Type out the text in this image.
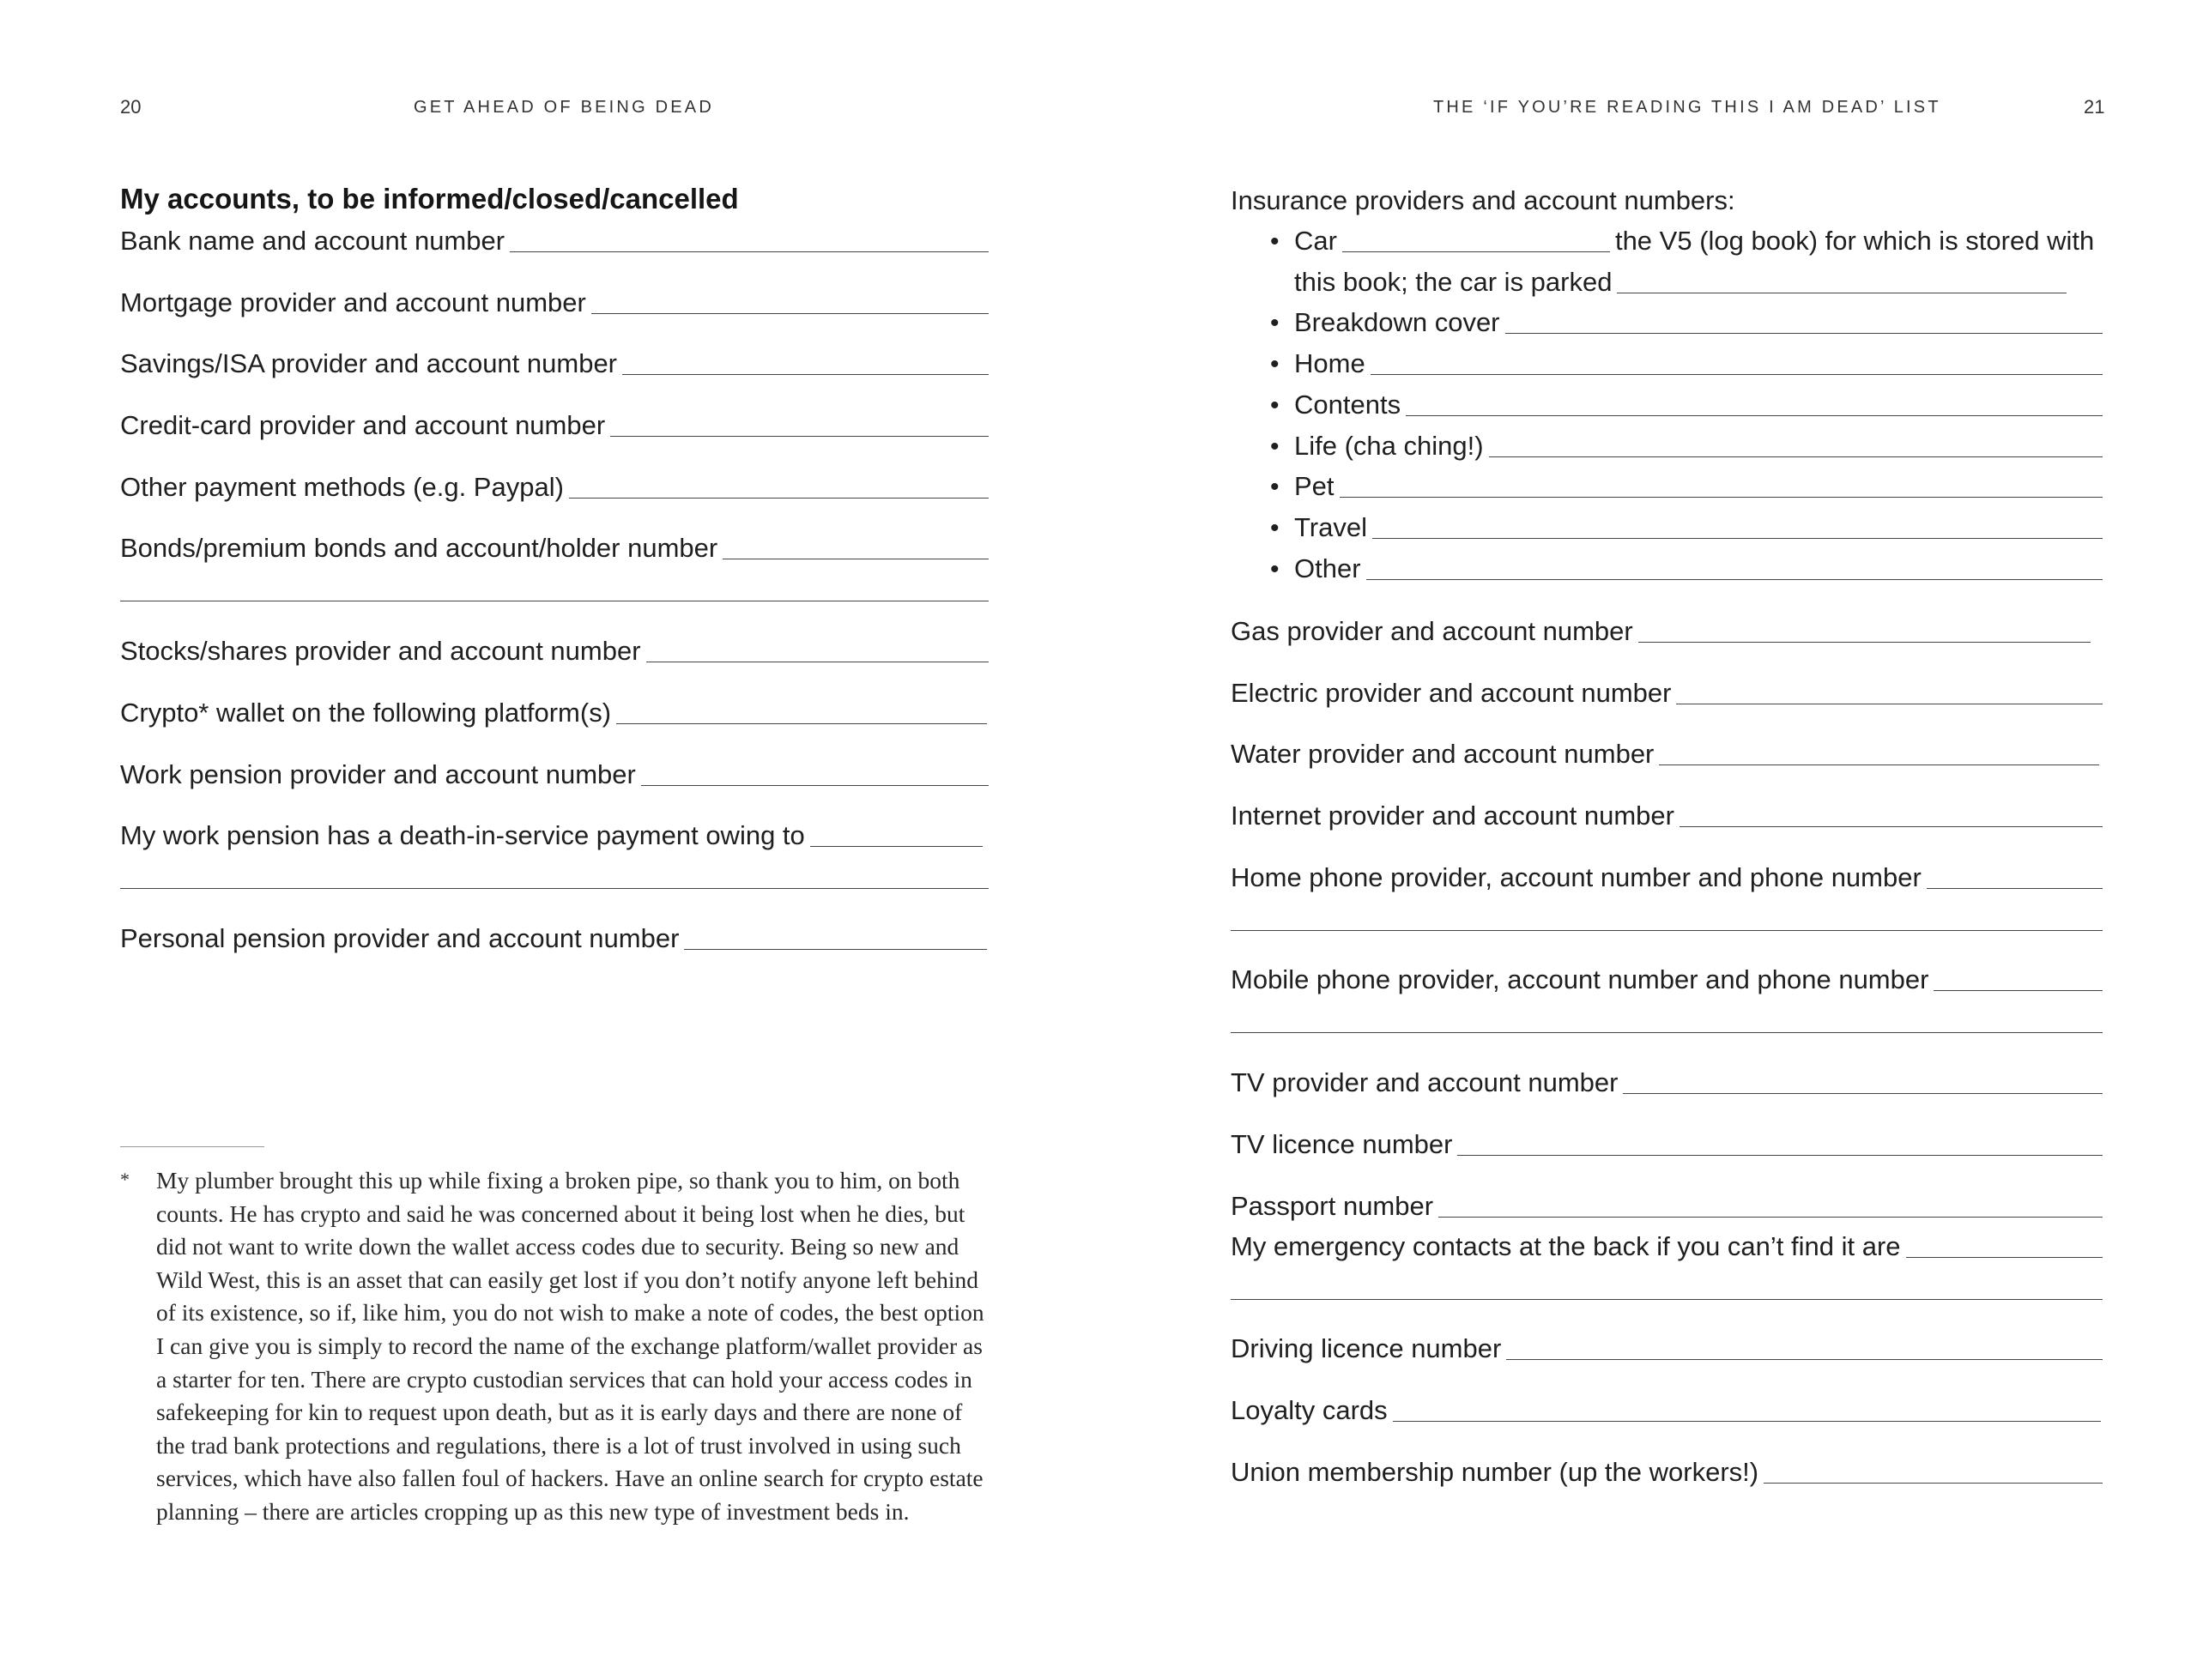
20	GET AHEAD OF BEING DEAD
My accounts, to be informed/closed/cancelled
Bank name and account number
Mortgage provider and account number
Savings/ISA provider and account number
Credit-card provider and account number
Other payment methods (e.g. Paypal)
Bonds/premium bonds and account/holder number
Stocks/shares provider and account number
Crypto* wallet on the following platform(s)
Work pension provider and account number
My work pension has a death-in-service payment owing to
Personal pension provider and account number
* My plumber brought this up while fixing a broken pipe, so thank you to him, on both
counts. He has crypto and said he was concerned about it being lost when he dies, but
did not want to write down the wallet access codes due to security. Being so new and
Wild West, this is an asset that can easily get lost if you don’t notify anyone left behind
of its existence, so if, like him, you do not wish to make a note of codes, the best option
I can give you is simply to record the name of the exchange platform/wallet provider as
a starter for ten. There are crypto custodian services that can hold your access codes in
safekeeping for kin to request upon death, but as it is early days and there are none of
the trad bank protections and regulations, there is a lot of trust involved in using such
services, which have also fallen foul of hackers. Have an online search for crypto estate
planning – there are articles cropping up as this new type of investment beds in.
THE ‘IF YOU’RE READING THIS I AM DEAD’ LIST	21
Insurance providers and account numbers:
• Car	the V5 (log book) for which is stored with
this book; the car is parked
• Breakdown cover
• Home
• Contents
• Life (cha ching!)
• Pet
• Travel
• Other
Gas provider and account number
Electric provider and account number
Water provider and account number
Internet provider and account number
Home phone provider, account number and phone number
Mobile phone provider, account number and phone number
TV provider and account number
TV licence number
Passport number
My emergency contacts at the back if you can’t find it are
Driving licence number
Loyalty cards
Union membership number (up the workers!)
